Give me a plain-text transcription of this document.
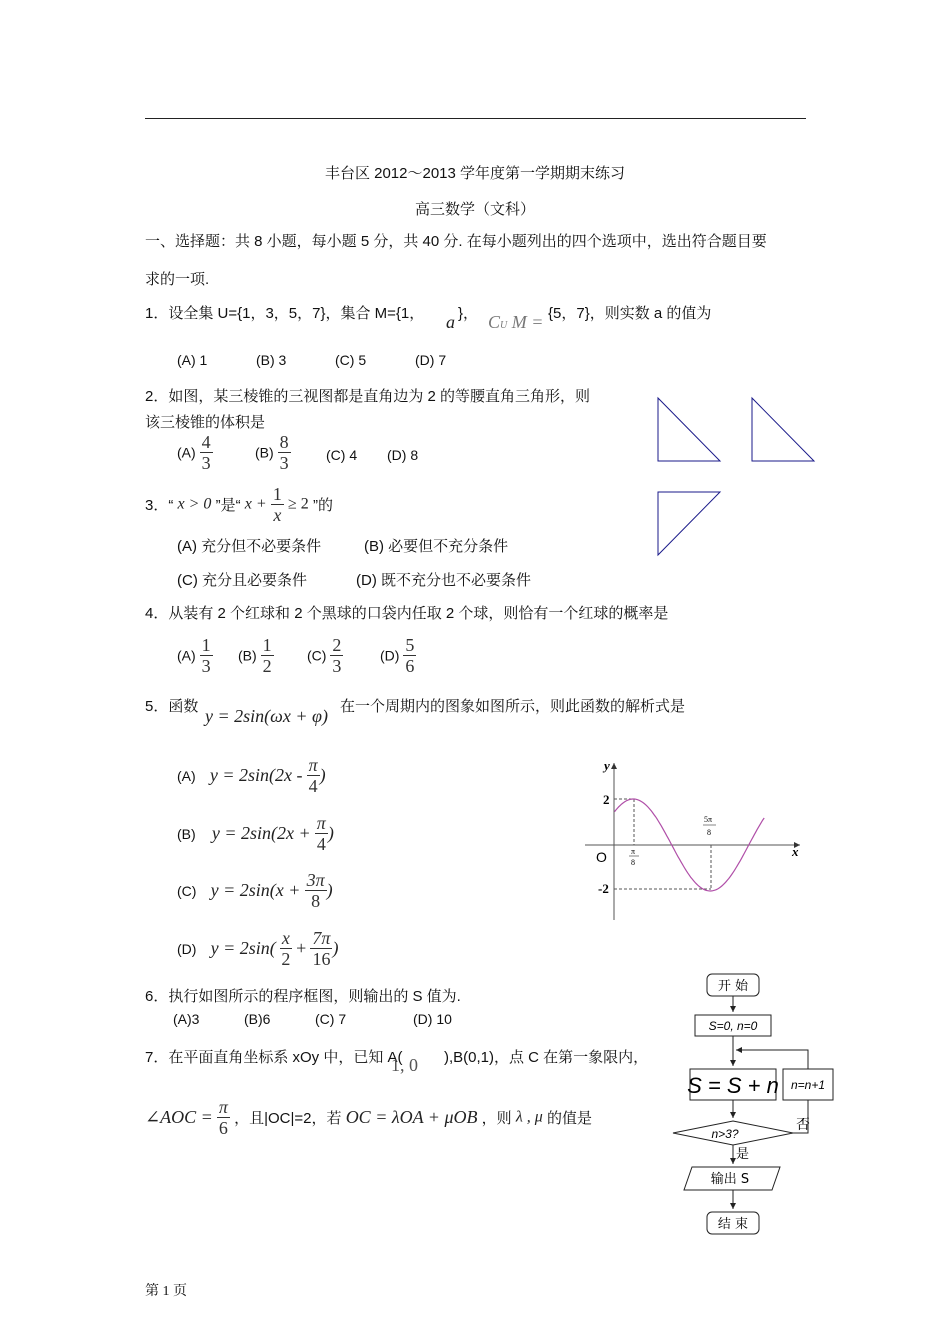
丰台区 2012～2013 学年度第一学期期末练习
高三数学（文科）
一、选择题：共 8 小题，每小题 5 分，共 40 分. 在每小题列出的四个选项中，选出符合题目要
求的一项.
1．设全集 U={1，3，5，7}，集合 M={1， a }， CU M = {5，7}，则实数 a 的值为
(A) 1	(B) 3	(C) 5	(D) 7
2．如图，某三棱锥的三视图都是直角边为 2 的等腰直角三角形，则
该三棱锥的体积是
$(A) \frac{4}{3}$	$(B) \frac{8}{3}$	(C) 4 (D) 8
3．“ x > 0 ”是“ $x + \frac{1}{x} \ge 2$ ”的
(A) 充分但不必要条件	(B) 必要但不充分条件
(C) 充分且必要条件	(D) 既不充分也不必要条件
4．从装有 2 个红球和 2 个黑球的口袋内任取 2 个球，则恰有一个红球的概率是
$(A) \frac{1}{3} (B) \frac{1}{2} (C) \frac{2}{3}$	$(D) \frac{5}{6}$
5．函数 y = 2sin(ωx + φ) 在一个周期内的图象如图所示，则此函数的解析式是
(A) $y = 2\sin(2x - \frac{\pi}{4}$ )
(B) $y = 2\sin(2x + \frac{\pi}{4}$ )
(C) $y = 2\sin(x + \frac{3\pi}{8}$ )
(D) $y = 2\sin( \frac{x}{2} + \frac{7\pi}{16}$ )
y
x
O
2
-2
π
8
5π
8
6．执行如图所示的程序框图，则输出的 S 值为.
(A)3	(B)6	(C) 7	(D) 10
开 始
S=0, n=0
S = S + n n=n+1
n>3?
否
是
输出 S
结 束
7．在平面直角坐标系 xOy 中，已知 A(
1, 0 ),B(0,1)，点 C 在第一象限内，
∠AOC = $\frac{\pi}{6}$ ，且|OC|=2，若 OC = λOA + μOB ，则 λ , μ 的值是
第 1 页
